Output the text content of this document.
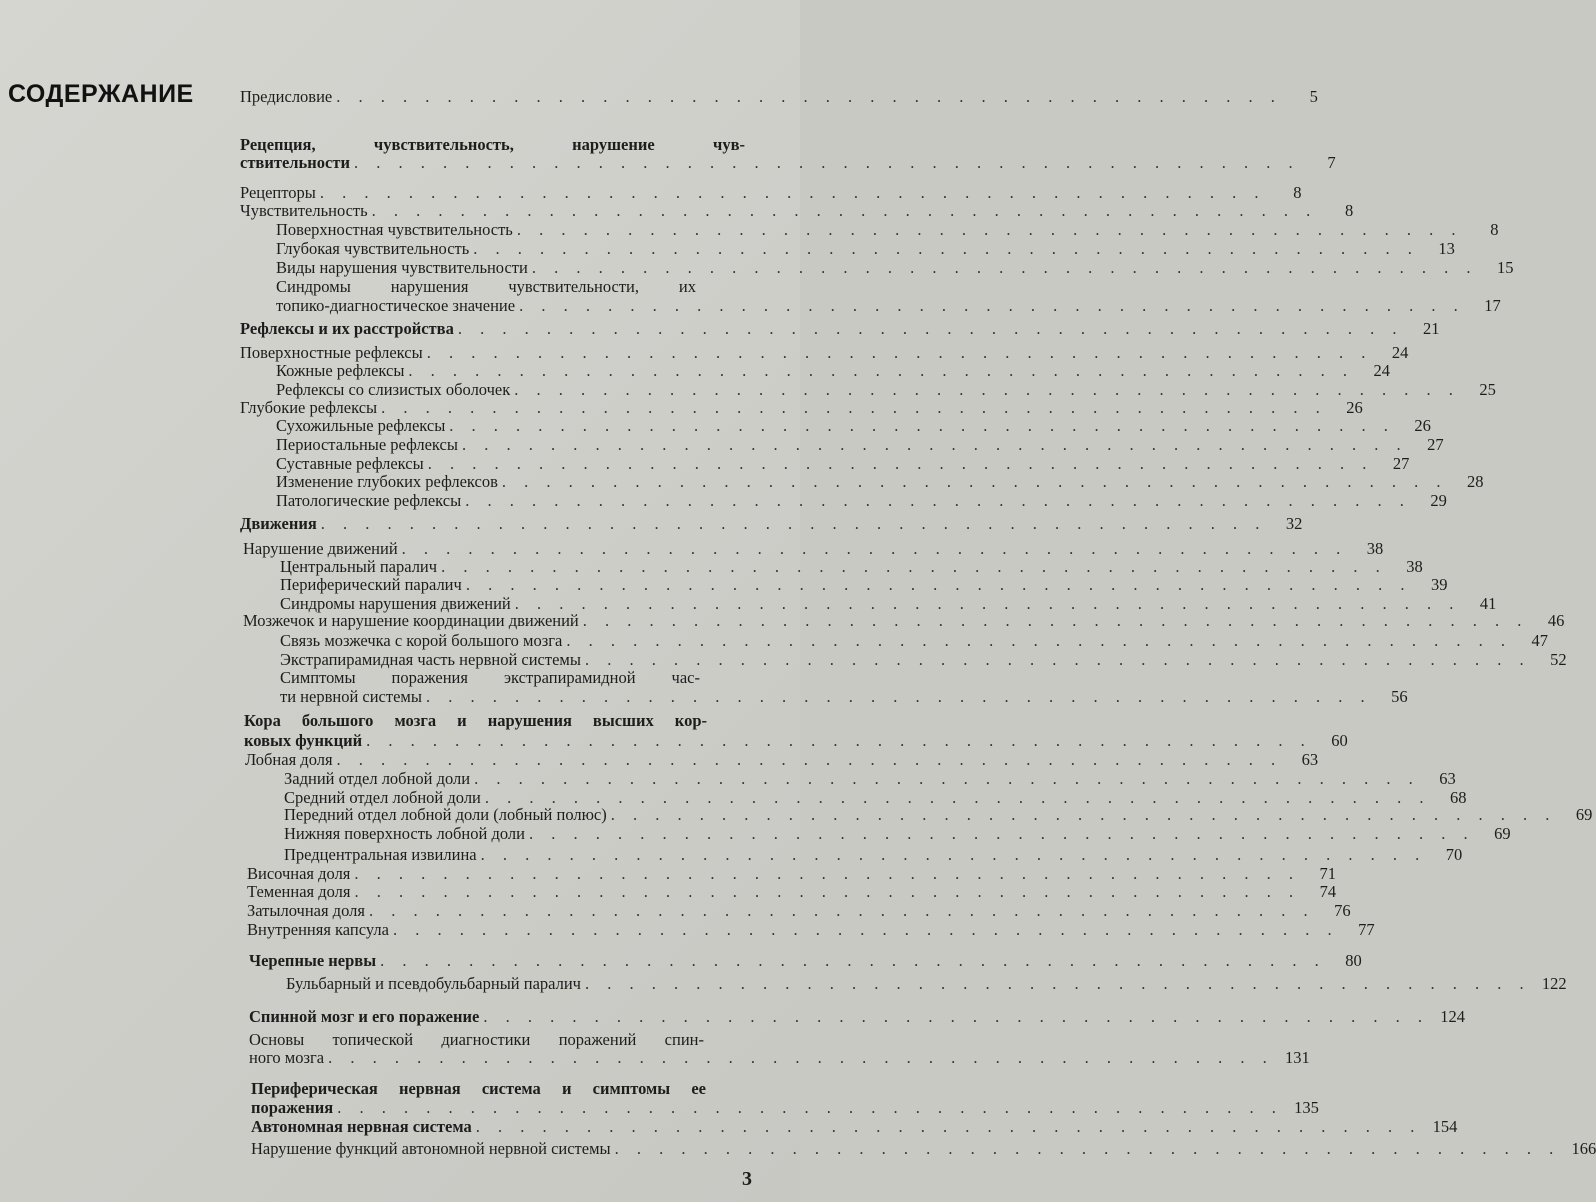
СОДЕРЖАНИЕ	Предисловие . . . . . . . . . . . . . . . . . . . . . . . . . . . . . . . . . . . . . . . . . . .	5
Рецепция, чувствительность, нарушение чув-
ствительности . . . . . . . . . . . . . . . . . . . . . . . . . . . . . . . . . . . . . . . . . . .	7
Рецепторы . . . . . . . . . . . . . . . . . . . . . . . . . . . . . . . . . . . . . . . . . . .	8
Чувствительность . . . . . . . . . . . . . . . . . . . . . . . . . . . . . . . . . . . . . . . . . . .	8
Поверхностная чувствительность . . . . . . . . . . . . . . . . . . . . . . . . . . . . . . . . . . . . . . . . . . .	8
Глубокая чувствительность . . . . . . . . . . . . . . . . . . . . . . . . . . . . . . . . . . . . . . . . . . .	13
Виды нарушения чувствительности . . . . . . . . . . . . . . . . . . . . . . . . . . . . . . . . . . . . . . . . . . .	15
Синдромы нарушения чувствительности, их
топико-диагностическое значение . . . . . . . . . . . . . . . . . . . . . . . . . . . . . . . . . . . . . . . . . . .	17
Рефлексы и их расстройства . . . . . . . . . . . . . . . . . . . . . . . . . . . . . . . . . . . . . . . . . . .	21
Поверхностные рефлексы . . . . . . . . . . . . . . . . . . . . . . . . . . . . . . . . . . . . . . . . . . .	24
Кожные рефлексы . . . . . . . . . . . . . . . . . . . . . . . . . . . . . . . . . . . . . . . . . . .	24
Рефлексы со слизистых оболочек . . . . . . . . . . . . . . . . . . . . . . . . . . . . . . . . . . . . . . . . . . .	25
Глубокие рефлексы . . . . . . . . . . . . . . . . . . . . . . . . . . . . . . . . . . . . . . . . . . .	26
Сухожильные рефлексы . . . . . . . . . . . . . . . . . . . . . . . . . . . . . . . . . . . . . . . . . . .	26
Периостальные рефлексы . . . . . . . . . . . . . . . . . . . . . . . . . . . . . . . . . . . . . . . . . . .	27
Суставные рефлексы . . . . . . . . . . . . . . . . . . . . . . . . . . . . . . . . . . . . . . . . . . .	27
Изменение глубоких рефлексов . . . . . . . . . . . . . . . . . . . . . . . . . . . . . . . . . . . . . . . . . . .	28
Патологические рефлексы . . . . . . . . . . . . . . . . . . . . . . . . . . . . . . . . . . . . . . . . . . .	29
Движения . . . . . . . . . . . . . . . . . . . . . . . . . . . . . . . . . . . . . . . . . . .	32
Нарушение движений . . . . . . . . . . . . . . . . . . . . . . . . . . . . . . . . . . . . . . . . . . .	38
Центральный паралич . . . . . . . . . . . . . . . . . . . . . . . . . . . . . . . . . . . . . . . . . . .	38
Периферический паралич . . . . . . . . . . . . . . . . . . . . . . . . . . . . . . . . . . . . . . . . . . .	39
Синдромы нарушения движений . . . . . . . . . . . . . . . . . . . . . . . . . . . . . . . . . . . . . . . . . . .	41
Мозжечок и нарушение координации движений . . . . . . . . . . . . . . . . . . . . . . . . . . . . . . . . . . . . . . . . . . .	46
Связь мозжечка с корой большого мозга . . . . . . . . . . . . . . . . . . . . . . . . . . . . . . . . . . . . . . . . . . .	47
Экстрапирамидная часть нервной системы . . . . . . . . . . . . . . . . . . . . . . . . . . . . . . . . . . . . . . . . . . .	52
Симптомы поражения экстрапирамидной час-
ти нервной системы . . . . . . . . . . . . . . . . . . . . . . . . . . . . . . . . . . . . . . . . . . .	56
Кора большого мозга и нарушения высших кор-
ковых функций . . . . . . . . . . . . . . . . . . . . . . . . . . . . . . . . . . . . . . . . . . .	60
Лобная доля . . . . . . . . . . . . . . . . . . . . . . . . . . . . . . . . . . . . . . . . . . .	63
Задний отдел лобной доли . . . . . . . . . . . . . . . . . . . . . . . . . . . . . . . . . . . . . . . . . . .	63
Средний отдел лобной доли . . . . . . . . . . . . . . . . . . . . . . . . . . . . . . . . . . . . . . . . . . .	68
Передний отдел лобной доли (лобный полюс) . . . . . . . . . . . . . . . . . . . . . . . . . . . . . . . . . . . . . . . . . . .	69
Нижняя поверхность лобной доли . . . . . . . . . . . . . . . . . . . . . . . . . . . . . . . . . . . . . . . . . . .	69
Предцентральная извилина . . . . . . . . . . . . . . . . . . . . . . . . . . . . . . . . . . . . . . . . . . .	70
Височная доля . . . . . . . . . . . . . . . . . . . . . . . . . . . . . . . . . . . . . . . . . . .	71
Теменная доля . . . . . . . . . . . . . . . . . . . . . . . . . . . . . . . . . . . . . . . . . . .	74
Затылочная доля . . . . . . . . . . . . . . . . . . . . . . . . . . . . . . . . . . . . . . . . . . .	76
Внутренняя капсула . . . . . . . . . . . . . . . . . . . . . . . . . . . . . . . . . . . . . . . . . . .	77
Черепные нервы . . . . . . . . . . . . . . . . . . . . . . . . . . . . . . . . . . . . . . . . . . .	80
Бульбарный и псевдобульбарный паралич . . . . . . . . . . . . . . . . . . . . . . . . . . . . . . . . . . . . . . . . . . . 122
Спинной мозг и его поражение . . . . . . . . . . . . . . . . . . . . . . . . . . . . . . . . . . . . . . . . . . . 124
Основы топической диагностики поражений спин-
ного мозга . . . . . . . . . . . . . . . . . . . . . . . . . . . . . . . . . . . . . . . . . . . 131
Периферическая нервная система и симптомы ее
поражения . . . . . . . . . . . . . . . . . . . . . . . . . . . . . . . . . . . . . . . . . . . 135
Автономная нервная система . . . . . . . . . . . . . . . . . . . . . . . . . . . . . . . . . . . . . . . . . . . 154
Нарушение функций автономной нервной системы . . . . . . . . . . . . . . . . . . . . . . . . . . . . . . . . . . . . . . . . . . . 166
3
